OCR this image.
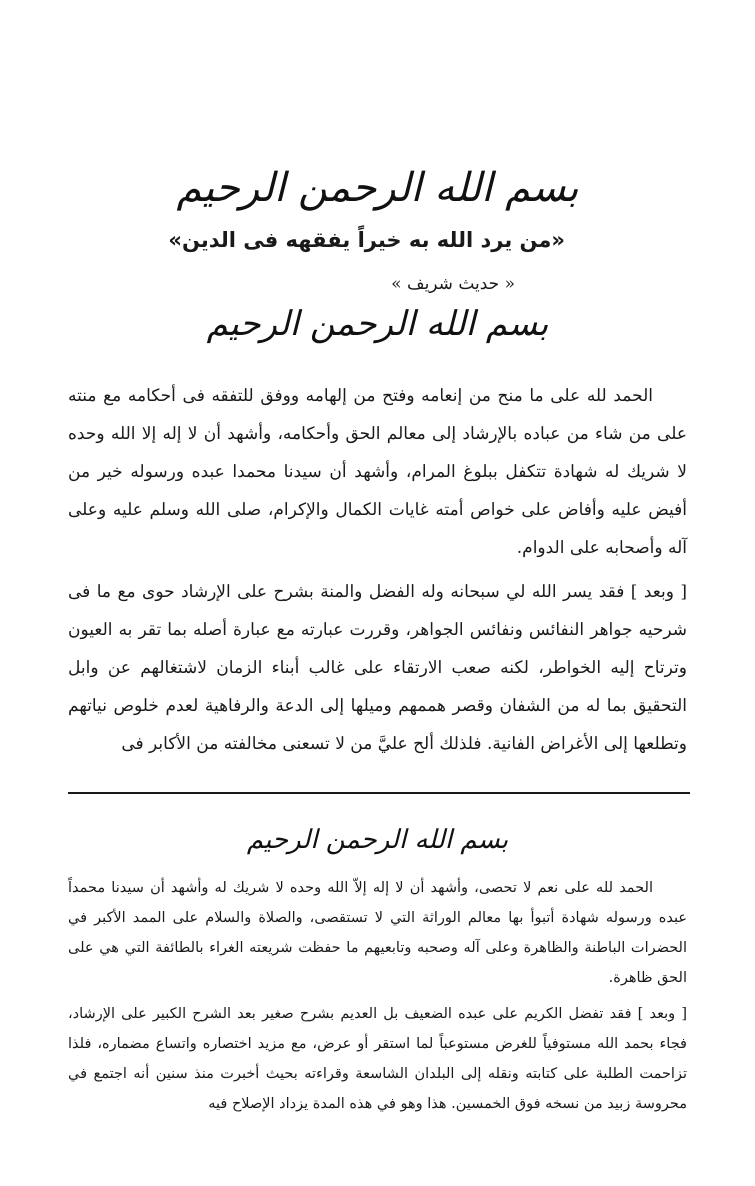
بسم الله الرحمن الرحيم
«من يرد الله به خيراً يفقهه فى الدين»
« حديث شريف »
بسم الله الرحمن الرحيم

الحمد لله على ما منح من إنعامه وفتح من إلهامه ووفق للتفقه فى أحكامه مع منته على من شاء من عباده بالإرشاد إلى معالم الحق وأحكامه، وأشهد أن لا إله إلا الله وحده لا شريك له شهادة تتكفل ببلوغ المرام، وأشهد أن سيدنا محمدا عبده ورسوله خير من أفيض عليه وأفاض على خواص أمته غايات الكمال والإكرام، صلى الله وسلم عليه وعلى آله وأصحابه على الدوام.

[ وبعد ] فقد يسر الله لي سبحانه وله الفضل والمنة بشرح على الإرشاد حوى مع ما فى شرحيه جواهر النفائس ونفائس الجواهر، وقررت عبارته مع عبارة أصله بما تقر به العيون وترتاح إليه الخواطر، لكنه صعب الارتقاء على غالب أبناء الزمان لاشتغالهم عن وابل التحقيق بما له من الشفان وقصر هممهم وميلها إلى الدعة والرفاهية لعدم خلوص نياتهم وتطلعها إلى الأغراض الفانية. فلذلك ألح عليَّ من لا تسعنى مخالفته من الأكابر فى

بسم الله الرحمن الرحيم

الحمد لله على نعم لا تحصى، وأشهد أن لا إله إلاّ الله وحده لا شريك له وأشهد أن سيدنا محمداً عبده ورسوله شهادة أتبوأ بها معالم الوراثة التي لا تستقصى، والصلاة والسلام على الممد الأكبر في الحضرات الباطنة والظاهرة وعلى آله وصحبه وتابعيهم ما حفظت شريعته الغراء بالطائفة التي هي على الحق ظاهرة.

[ وبعد ] فقد تفضل الكريم على عبده الضعيف بل العديم بشرح صغير بعد الشرح الكبير على الإرشاد، فجاء بحمد الله مستوفياً للغرض مستوعباً لما استقر أو عرض، مع مزيد اختصاره واتساع مضماره، فلذا تزاحمت الطلبة على كتابته ونقله إلى البلدان الشاسعة وقراءته بحيث أخبرت منذ سنين أنه اجتمع في محروسة زبيد من نسخه فوق الخمسين. هذا وهو في هذه المدة يزداد الإصلاح فيه
